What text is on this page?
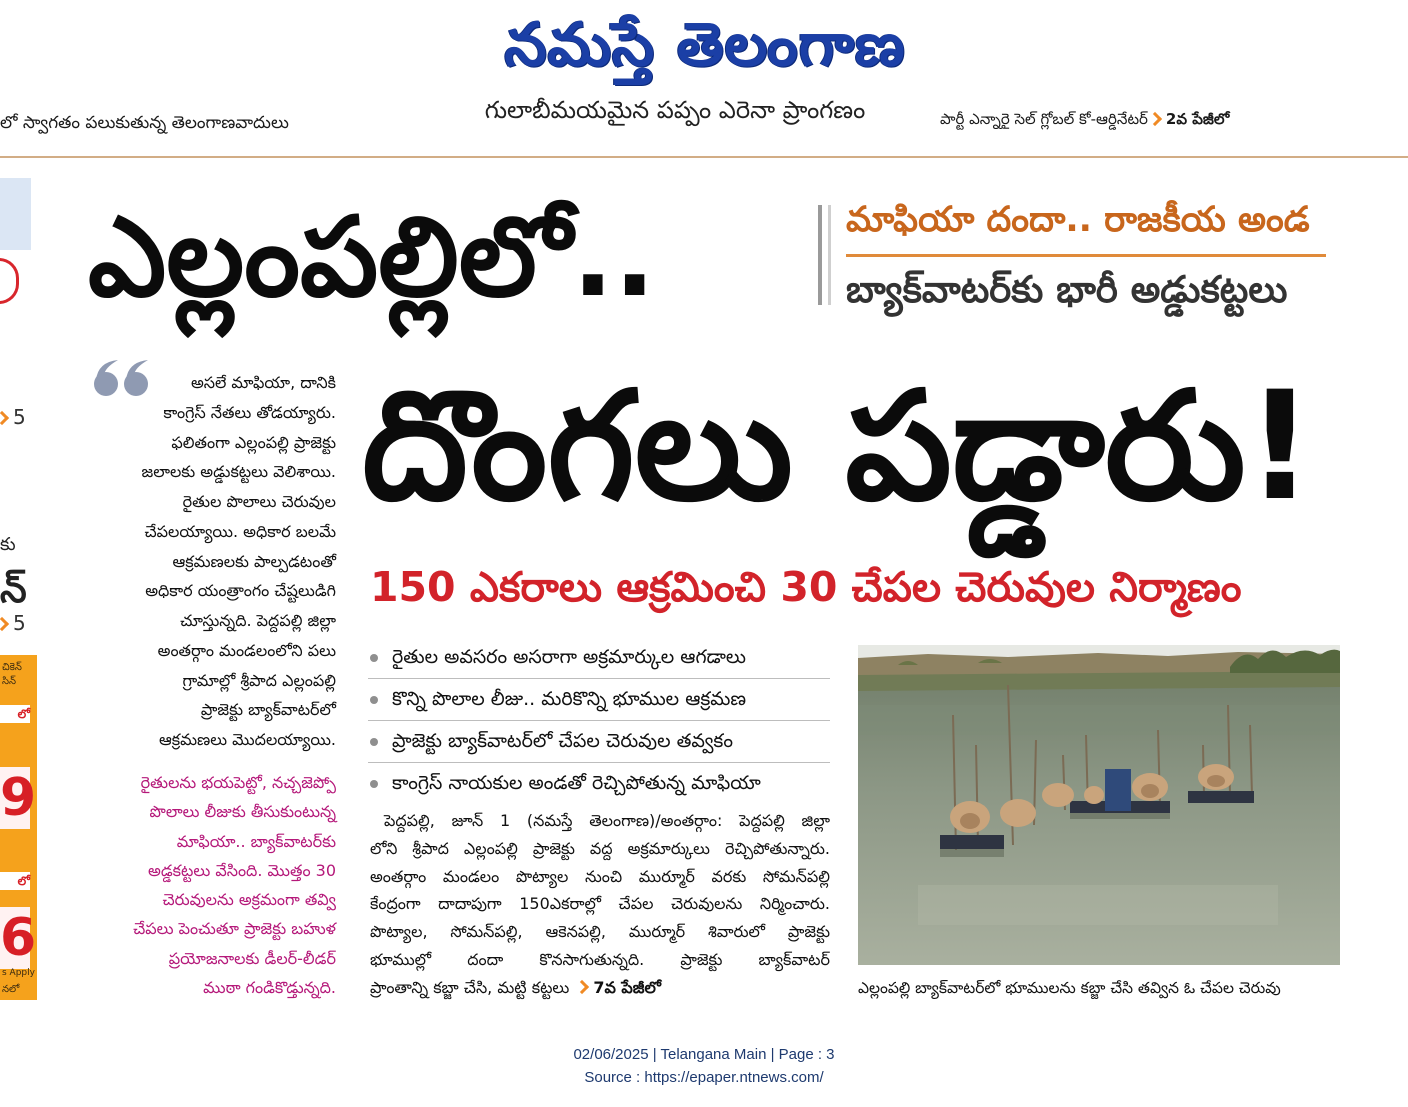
నమస్తే తెలంగాణ
లో స్వాగతం పలుకుతున్న తెలంగాణవాదులు	గులాబీమయమైన పప్పం ఎరెనా ప్రాంగణం	పార్టీ ఎన్నారై సెల్ గ్లోబల్ కో-ఆర్డినేటర్ 2వ పేజీలో
5
కు
న్
5
చికెన్
సిన్
లో
9
లో
6
s Apply
నలో
ఎల్లంపల్లిలో..	మాఫియా దందా.. రాజకీయ అండ
బ్యాక్‌వాటర్‌కు భారీ అడ్డుకట్టలు
దొంగలు పడ్డారు!
150 ఎకరాలు ఆక్రమించి 30 చేపల చెరువుల నిర్మాణం
అసలే మాఫియా, దానికి
కాంగ్రెస్ నేతలు తోడయ్యారు.
ఫలితంగా ఎల్లంపల్లి ప్రాజెక్టు
జలాలకు అడ్డుకట్టలు వెలిశాయి.
రైతుల పొలాలు చెరువుల
చేపలయ్యాయి. అధికార బలమే
ఆక్రమణలకు పాల్పడటంతో
అధికార యంత్రాంగం చేష్టలుడిగి
చూస్తున్నది. పెద్దపల్లి జిల్లా
అంతర్గాం మండలంలోని పలు
గ్రామాల్లో శ్రీపాద ఎల్లంపల్లి
ప్రాజెక్టు బ్యాక్‌వాటర్‌లో
ఆక్రమణలు మొదలయ్యాయి.
రైతులను భయపెట్టో, నచ్చజెప్పో
పొలాలు లీజుకు తీసుకుంటున్న
మాఫియా.. బ్యాక్‌వాటర్‌కు
అడ్డకట్టలు వేసింది. మొత్తం 30
చెరువులను అక్రమంగా తవ్వి
చేపలు పెంచుతూ ప్రాజెక్టు బహుళ
ప్రయోజనాలకు డీలర్-లీడర్
ముఠా గండికొడ్తున్నది.
రైతుల అవసరం అసరాగా అక్రమార్కుల ఆగడాలు
కొన్ని పొలాల లీజు.. మరికొన్ని భూముల ఆక్రమణ
ప్రాజెక్టు బ్యాక్‌వాటర్‌లో చేపల చెరువుల తవ్వకం
కాంగ్రెస్ నాయకుల అండతో రెచ్చిపోతున్న మాఫియా
పెద్దపల్లి, జూన్ 1 (నమస్తే తెలంగాణ)/అంతర్గాం: పెద్దపల్లి జిల్లా
లోని శ్రీపాద ఎల్లంపల్లి ప్రాజెక్టు వద్ద అక్రమార్కులు రెచ్చిపోతున్నారు.
అంతర్గాం మండలం పొట్యాల నుంచి ముర్మూర్ వరకు సోమన్‌పల్లి
కేంద్రంగా దాదాపుగా 150ఎకరాల్లో చేపల చెరువులను నిర్మించారు.
పొట్యాల, సోమన్‌పల్లి, ఆకెనపల్లి, ముర్మూర్ శివారులో ప్రాజెక్టు
భూముల్లో దందా కొనసాగుతున్నది. ప్రాజెక్టు బ్యాక్‌వాటర్
ప్రాంతాన్ని కబ్జా చేసి, మట్టి కట్టలు 7వ పేజీలో	ఎల్లంపల్లి బ్యాక్‌వాటర్‌లో భూములను కబ్జా చేసి తవ్విన ఓ చేపల చెరువు
02/06/2025 | Telangana Main | Page : 3
Source : https://epaper.ntnews.com/
